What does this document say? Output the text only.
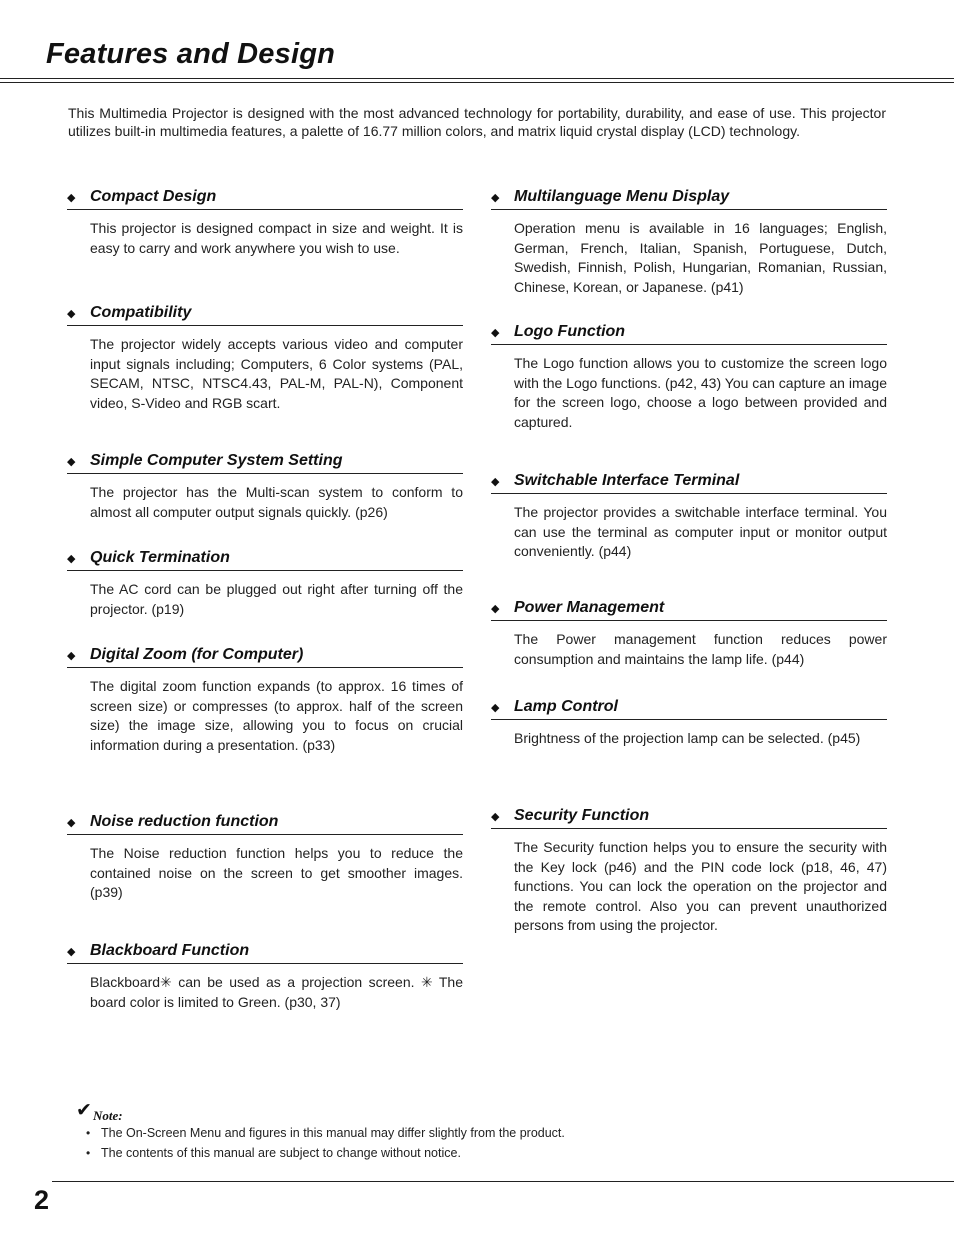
Features and Design

This Multimedia Projector is designed with the most advanced technology for portability, durability, and ease of use. This projector utilizes built-in multimedia features, a palette of 16.77 million colors, and matrix liquid crystal display (LCD) technology.

◆ Compact Design
This projector is designed compact in size and weight. It is easy to carry and work anywhere you wish to use.
◆ Compatibility
The projector widely accepts various video and computer input signals including; Computers, 6 Color systems (PAL, SECAM, NTSC, NTSC4.43, PAL-M, PAL-N), Component video, S-Video and RGB scart.
◆ Simple Computer System Setting
The projector has the Multi-scan system to conform to almost all computer output signals quickly. (p26)
◆ Quick Termination
The AC cord can be plugged out right after turning off the projector. (p19)
◆ Digital Zoom (for Computer)
The digital zoom function expands (to approx. 16 times of screen size) or compresses (to approx. half of the screen size) the image size, allowing you to focus on crucial information during a presentation. (p33)
◆ Noise reduction function
The Noise reduction function helps you to reduce the contained noise on the screen to get smoother images. (p39)
◆ Blackboard Function
Blackboard✳ can be used as a projection screen. ✳ The board color is limited to Green. (p30, 37)
◆ Multilanguage Menu Display
Operation menu is available in 16 languages; English, German, French, Italian, Spanish, Portuguese, Dutch, Swedish, Finnish, Polish, Hungarian, Romanian, Russian, Chinese, Korean, or Japanese. (p41)
◆ Logo Function
The Logo function allows you to customize the screen logo with the Logo functions. (p42, 43) You can capture an image for the screen logo, choose a logo between provided and captured.
◆ Switchable Interface Terminal
The projector provides a switchable interface terminal. You can use the terminal as computer input or monitor output conveniently. (p44)
◆ Power Management
The Power management function reduces power consumption and maintains the lamp life. (p44)
◆ Lamp Control
Brightness of the projection lamp can be selected. (p45)
◆ Security Function
The Security function helps you to ensure the security with the Key lock (p46) and the PIN code lock (p18, 46, 47) functions. You can lock the operation on the projector and the remote control. Also you can prevent unauthorized persons from using the projector.
✔ Note:
• The On-Screen Menu and figures in this manual may differ slightly from the product.
• The contents of this manual are subject to change without notice.
2
